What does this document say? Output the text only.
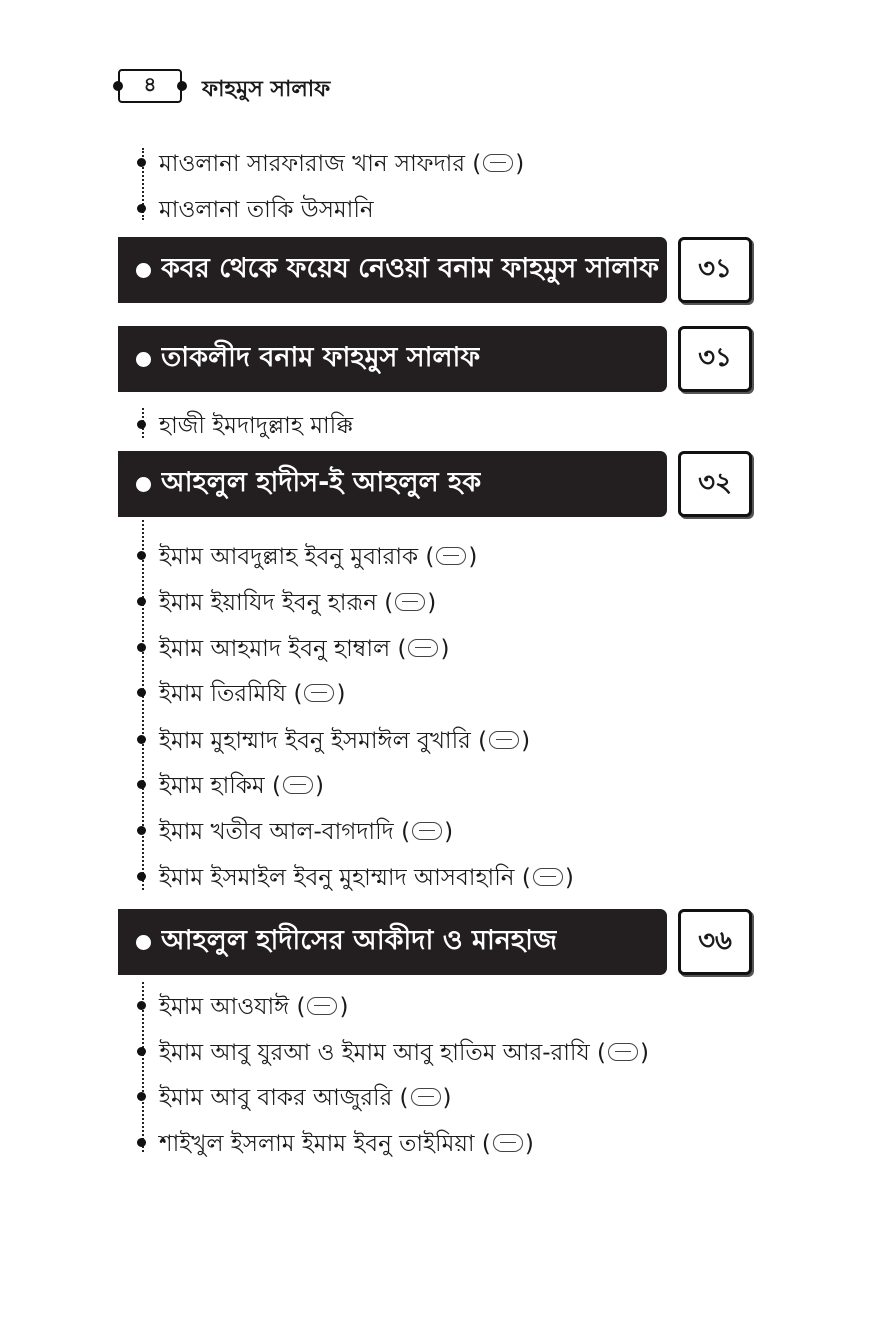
৪	ফাহমুস সালাফ
মাওলানা সারফারাজ খান সাফদার ( )
মাওলানা তাকি উসমানি
কবর থেকে ফয়েয নেওয়া বনাম ফাহমুস সালাফ	৩১
তাকলীদ বনাম ফাহমুস সালাফ	৩১
হাজী ইমদাদুল্লাহ মাক্কি
আহলুল হাদীস-ই আহলুল হক	৩২
ইমাম আবদুল্লাহ ইবনু মুবারাক ( )
ইমাম ইয়াযিদ ইবনু হারূন ( )
ইমাম আহমাদ ইবনু হাম্বাল ( )
ইমাম তিরমিযি ( )
ইমাম মুহাম্মাদ ইবনু ইসমাঈল বুখারি ( )
ইমাম হাকিম ( )
ইমাম খতীব আল-বাগদাদি ( )
ইমাম ইসমাইল ইবনু মুহাম্মাদ আসবাহানি ( )
আহলুল হাদীসের আকীদা ও মানহাজ	৩৬
ইমাম আওযাঈ ( )
ইমাম আবু যুরআ ও ইমাম আবু হাতিম আর-রাযি ( )
ইমাম আবু বাকর আজুররি ( )
শাইখুল ইসলাম ইমাম ইবনু তাইমিয়া ( )
